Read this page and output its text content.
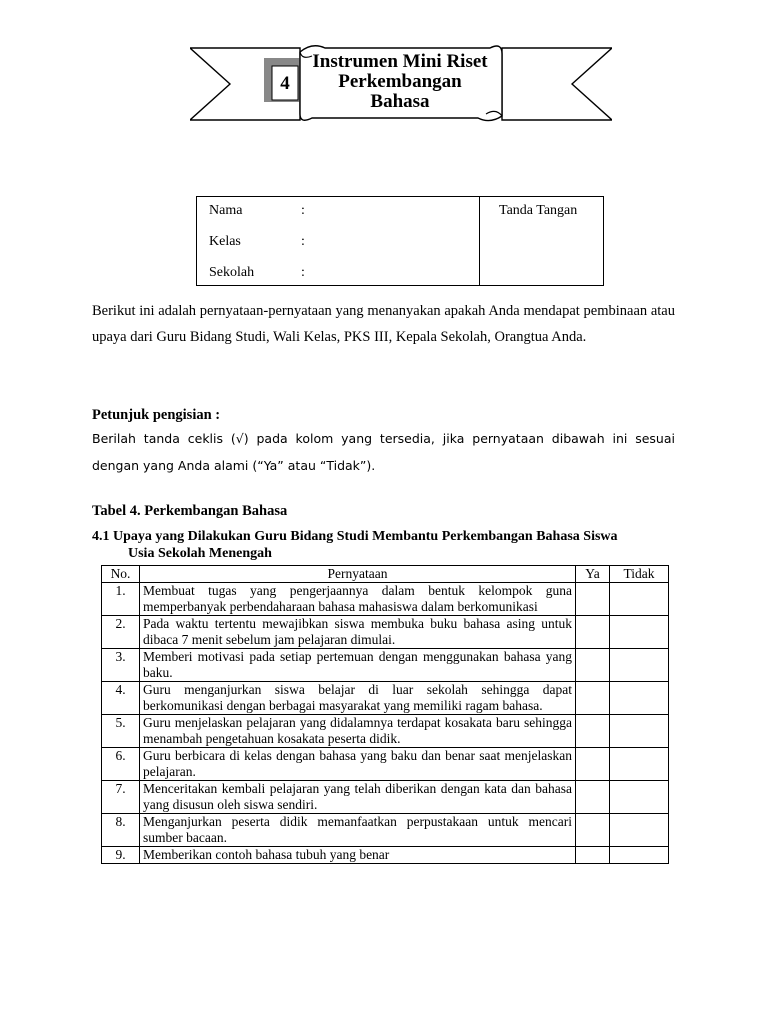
4
Instrumen Mini Riset
Perkembangan
Bahasa
Nama	:
Kelas	:
Sekolah	:
Tanda Tangan
Berikut ini adalah pernyataan-pernyataan yang menanyakan apakah Anda mendapat pembinaan atau upaya dari Guru Bidang Studi, Wali Kelas, PKS III, Kepala Sekolah, Orangtua Anda.
Petunjuk pengisian :
Berilah tanda ceklis (√) pada kolom yang tersedia, jika pernyataan dibawah ini sesuai dengan yang Anda alami (“Ya” atau “Tidak”).
Tabel 4. Perkembangan Bahasa
4.1 Upaya yang Dilakukan Guru Bidang Studi Membantu Perkembangan Bahasa Siswa
Usia Sekolah Menengah
No.	Pernyataan	Ya	Tidak
1.	Membuat tugas yang pengerjaannya dalam bentuk kelompok guna memperbanyak perbendaharaan bahasa mahasiswa dalam berkomunikasi		
2.	Pada waktu tertentu mewajibkan siswa membuka buku bahasa asing untuk dibaca 7 menit sebelum jam pelajaran dimulai.		
3.	Memberi motivasi pada setiap pertemuan dengan menggunakan bahasa yang baku.		
4.	Guru menganjurkan siswa belajar di luar sekolah sehingga dapat berkomunikasi dengan berbagai masyarakat yang memiliki ragam bahasa.		
5.	Guru menjelaskan pelajaran yang didalamnya terdapat kosakata baru sehingga menambah pengetahuan kosakata peserta didik.		
6.	Guru berbicara di kelas dengan bahasa yang baku dan benar saat menjelaskan pelajaran.		
7.	Menceritakan kembali pelajaran yang telah diberikan dengan kata dan bahasa yang disusun oleh siswa sendiri.		
8.	Menganjurkan peserta didik memanfaatkan perpustakaan untuk mencari sumber bacaan.		
9.	Memberikan contoh bahasa tubuh yang benar		
